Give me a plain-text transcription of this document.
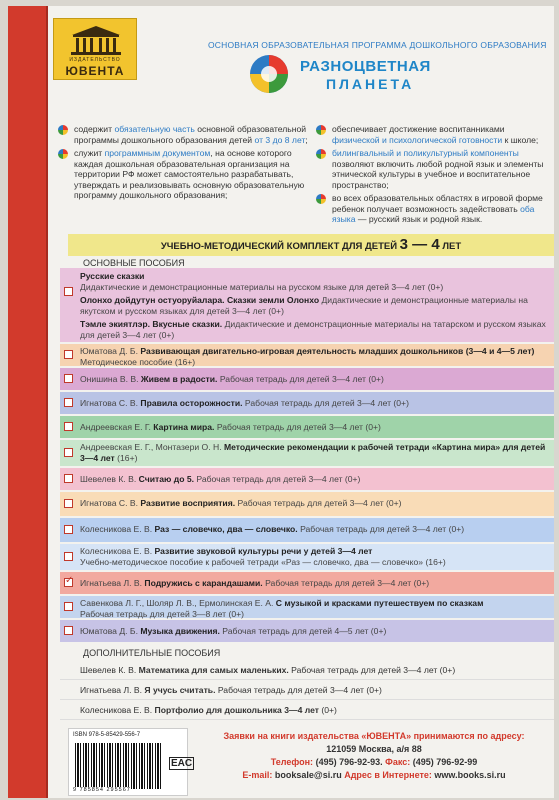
ИЗДАТЕЛЬСТВО
ЮВЕНТА
ОСНОВНАЯ ОБРАЗОВАТЕЛЬНАЯ ПРОГРАММА ДОШКОЛЬНОГО ОБРАЗОВАНИЯ
РАЗНОЦВЕТНАЯ
ПЛАНЕТА
содержит обязательную часть основной образовательной программы дошкольного образования детей от 3 до 8 лет;
служит программным документом, на основе которого каждая дошкольная образовательная организация на территории РФ может самостоятельно разрабатывать, утверждать и реализовывать основную образовательную программу дошкольного образования;
обеспечивает достижение воспитанниками физической и психологической готовности к школе;
билингвальный и поликультурный компоненты позволяют включить любой родной язык и элементы этнической культуры в учебное и воспитательное пространство;
во всех образовательных областях в игровой форме ребенок получает возможность задействовать оба языка — русский язык и родной язык.
УЧЕБНО-МЕТОДИЧЕСКИЙ КОМПЛЕКТ ДЛЯ ДЕТЕЙ 3 — 4 ЛЕТ
ОСНОВНЫЕ ПОСОБИЯ

Русские сказки
Дидактические и демонстрационные материалы на русском языке для детей 3—4 лет (0+)

Олонхо дойдутун остуоруйалара. Сказки земли Олонхо Дидактические и демонстрационные материалы на якутском и русском языках для детей 3—4 лет (0+)

Тэмле экиятлэр. Вкусные сказки. Дидактические и демонстрационные материалы на татарском и русском языках для детей 3—4 лет (0+)

Юматова Д. Б. Развивающая двигательно-игровая деятельность младших дошкольников (3—4 и 4—5 лет)

Методическое пособие (16+)

Онишина В. В. Живем в радости. Рабочая тетрадь для детей 3—4 лет (0+)

Игнатова С. В. Правила осторожности. Рабочая тетрадь для детей 3—4 лет (0+)

Андреевская Е. Г. Картина мира. Рабочая тетрадь для детей 3—4 лет (0+)

Андреевская Е. Г., Монтазери О. Н. Методические рекомендации к рабочей тетради «Картина мира» для детей 3—4 лет (16+)

Шевелев К. В. Считаю до 5. Рабочая тетрадь для детей 3—4 лет (0+)

Игнатова С. В. Развитие восприятия. Рабочая тетрадь для детей 3—4 лет (0+)

Колесникова Е. В. Раз — словечко, два — словечко. Рабочая тетрадь для детей 3—4 лет (0+)

Колесникова Е. В. Развитие звуковой культуры речи у детей 3—4 лет

Учебно-методическое пособие к рабочей тетради «Раз — словечко, два — словечко» (16+)

✓

Игнатьева Л. В. Подружись с карандашами. Рабочая тетрадь для детей 3—4 лет (0+)

Савенкова Л. Г., Шоляр Л. В., Ермолинская Е. А. С музыкой и красками путешествуем по сказкам

Рабочая тетрадь для детей 3—8 лет (0+)

Юматова Д. Б. Музыка движения. Рабочая тетрадь для детей 4—5 лет (0+)

ДОПОЛНИТЕЛЬНЫЕ ПОСОБИЯ
Шевелев К. В. Математика для самых маленьких. Рабочая тетрадь для детей 3—4 лет (0+)
Игнатьева Л. В. Я учусь считать. Рабочая тетрадь для детей 3—4 лет (0+)
Колесникова Е. В. Портфолио для дошкольника 3—4 лет (0+)
ISBN 978-5-85429-556-7
9 785854 295567
EAC
Заявки на книги издательства «ЮВЕНТА» принимаются по адресу:
121059 Москва, а/я 88
Телефон: (495) 796-92-93. Факс: (495) 796-92-99
E-mail: booksale@si.ru Адрес в Интернете: www.books.si.ru
